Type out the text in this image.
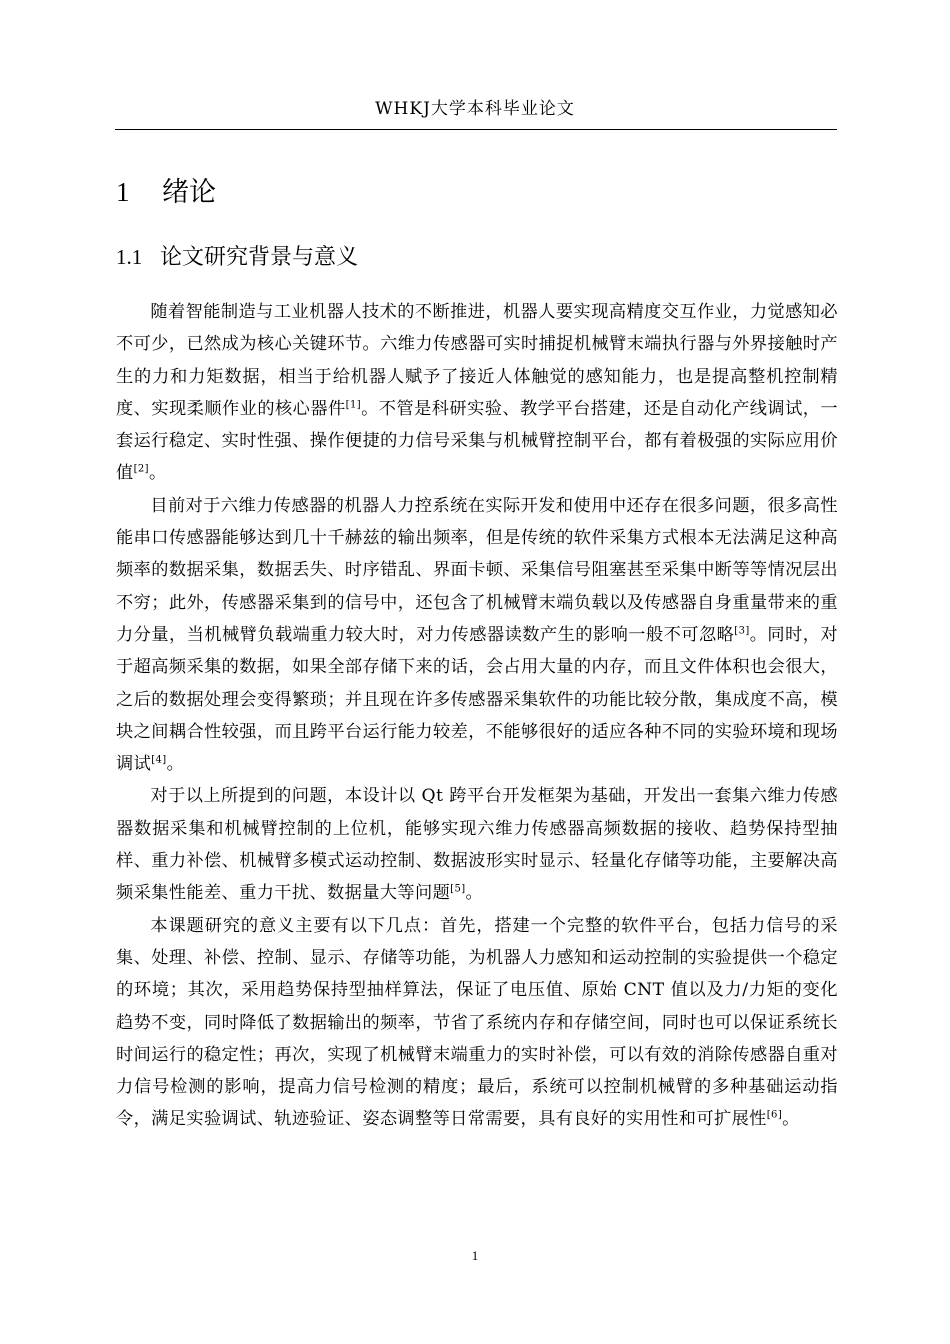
WHKJ大学本科毕业论文
1 绪论
1.1 论文研究背景与意义

随着智能制造与工业机器人技术的不断推进，机器人要实现高精度交互作业，力觉感知必不可少，已然成为核心关键环节。六维力传感器可实时捕捉机械臂末端执行器与外界接触时产生的力和力矩数据，相当于给机器人赋予了接近人体触觉的感知能力，也是提高整机控制精度、实现柔顺作业的核心器件[1]。不管是科研实验、教学平台搭建，还是自动化产线调试，一套运行稳定、实时性强、操作便捷的力信号采集与机械臂控制平台，都有着极强的实际应用价值[2]。

目前对于六维力传感器的机器人力控系统在实际开发和使用中还存在很多问题，很多高性能串口传感器能够达到几十千赫兹的输出频率，但是传统的软件采集方式根本无法满足这种高频率的数据采集，数据丢失、时序错乱、界面卡顿、采集信号阻塞甚至采集中断等等情况层出不穷；此外，传感器采集到的信号中，还包含了机械臂末端负载以及传感器自身重量带来的重力分量，当机械臂负载端重力较大时，对力传感器读数产生的影响一般不可忽略[3]。同时，对于超高频采集的数据，如果全部存储下来的话，会占用大量的内存，而且文件体积也会很大，之后的数据处理会变得繁琐；并且现在许多传感器采集软件的功能比较分散，集成度不高，模块之间耦合性较强，而且跨平台运行能力较差，不能够很好的适应各种不同的实验环境和现场调试[4]。

对于以上所提到的问题，本设计以 Qt 跨平台开发框架为基础，开发出一套集六维力传感器数据采集和机械臂控制的上位机，能够实现六维力传感器高频数据的接收、趋势保持型抽样、重力补偿、机械臂多模式运动控制、数据波形实时显示、轻量化存储等功能，主要解决高频采集性能差、重力干扰、数据量大等问题[5]。

本课题研究的意义主要有以下几点：首先，搭建一个完整的软件平台，包括力信号的采集、处理、补偿、控制、显示、存储等功能，为机器人力感知和运动控制的实验提供一个稳定的环境；其次，采用趋势保持型抽样算法，保证了电压值、原始 CNT 值以及力/力矩的变化趋势不变，同时降低了数据输出的频率，节省了系统内存和存储空间，同时也可以保证系统长时间运行的稳定性；再次，实现了机械臂末端重力的实时补偿，可以有效的消除传感器自重对力信号检测的影响，提高力信号检测的精度；最后，系统可以控制机械臂的多种基础运动指令，满足实验调试、轨迹验证、姿态调整等日常需要，具有良好的实用性和可扩展性[6]。

1
